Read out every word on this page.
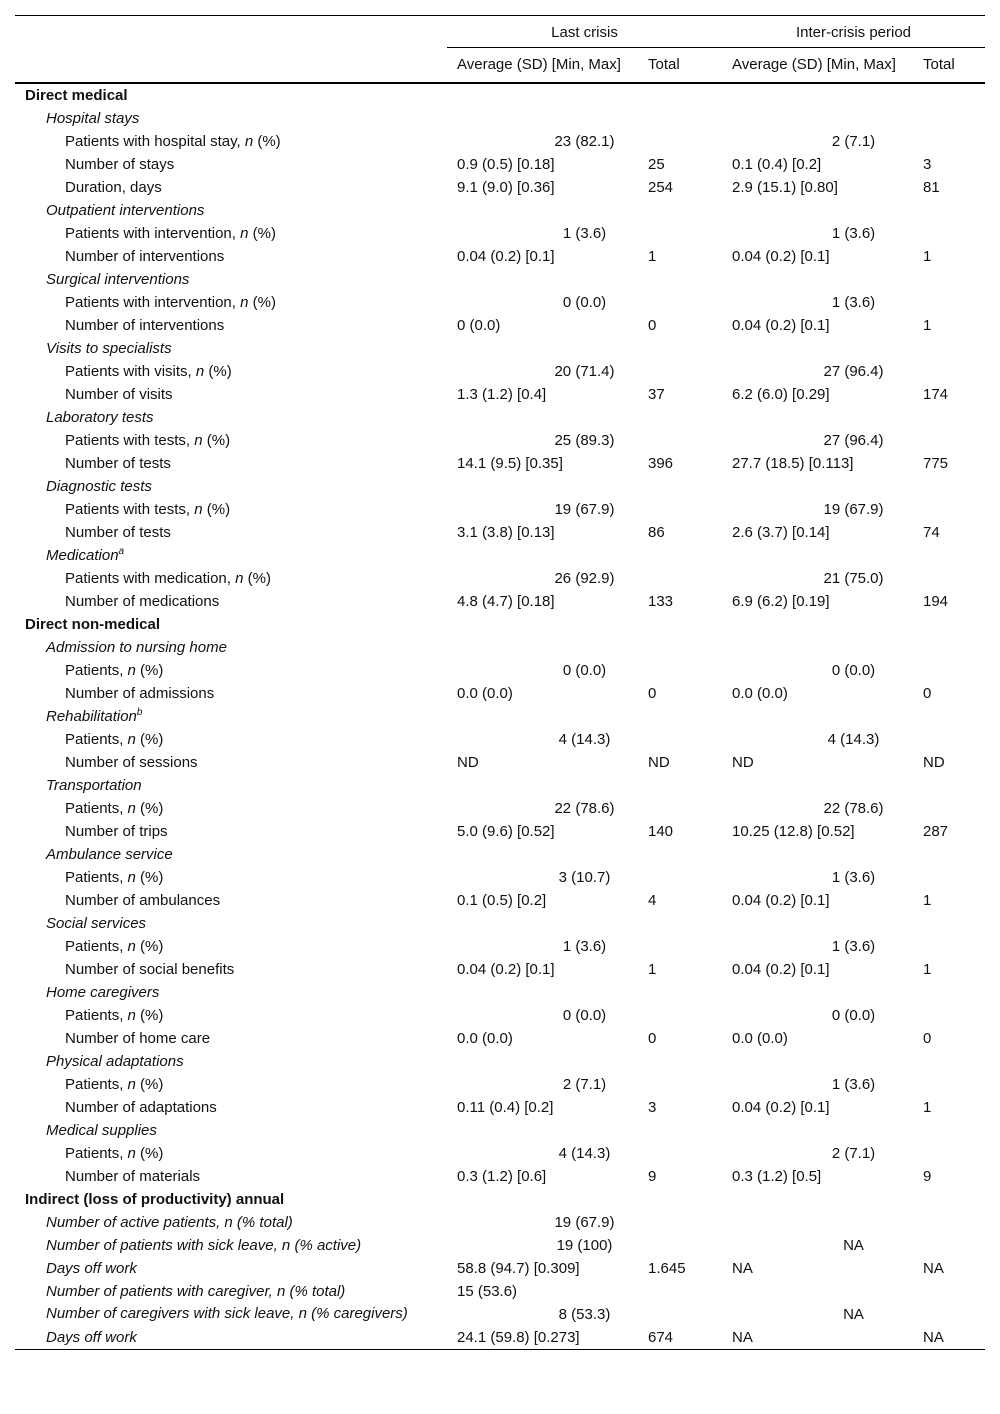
	Last crisis		Inter-crisis period	

	Average (SD) [Min, Max]	Total	Average (SD) [Min, Max]	Total
Direct medical				
Hospital stays				
Patients with hospital stay, n (%)	23 (82.1)		2 (7.1)	
Number of stays	0.9 (0.5) [0.18]	25	0.1 (0.4) [0.2]	3
Duration, days	9.1 (9.0) [0.36]	254	2.9 (15.1) [0.80]	81
Outpatient interventions				
Patients with intervention, n (%)	1 (3.6)		1 (3.6)	
Number of interventions	0.04 (0.2) [0.1]	1	0.04 (0.2) [0.1]	1
Surgical interventions				
Patients with intervention, n (%)	0 (0.0)		1 (3.6)	
Number of interventions	0 (0.0)	0	0.04 (0.2) [0.1]	1
Visits to specialists				
Patients with visits, n (%)	20 (71.4)		27 (96.4)	
Number of visits	1.3 (1.2) [0.4]	37	6.2 (6.0) [0.29]	174
Laboratory tests				
Patients with tests, n (%)	25 (89.3)		27 (96.4)	
Number of tests	14.1 (9.5) [0.35]	396	27.7 (18.5) [0.113]	775
Diagnostic tests				
Patients with tests, n (%)	19 (67.9)		19 (67.9)	
Number of tests	3.1 (3.8) [0.13]	86	2.6 (3.7) [0.14]	74
Medication$^a$				
Patients with medication, n (%)	26 (92.9)		21 (75.0)	
Number of medications	4.8 (4.7) [0.18]	133	6.9 (6.2) [0.19]	194
Direct non-medical				
Admission to nursing home				
Patients, n (%)	0 (0.0)		0 (0.0)	
Number of admissions	0.0 (0.0)	0	0.0 (0.0)	0
Rehabilitation$^b$				
Patients, n (%)	4 (14.3)		4 (14.3)	
Number of sessions	ND	ND	ND	ND
Transportation				
Patients, n (%)	22 (78.6)		22 (78.6)	
Number of trips	5.0 (9.6) [0.52]	140	10.25 (12.8) [0.52]	287
Ambulance service				
Patients, n (%)	3 (10.7)		1 (3.6)	
Number of ambulances	0.1 (0.5) [0.2]	4	0.04 (0.2) [0.1]	1
Social services				
Patients, n (%)	1 (3.6)		1 (3.6)	
Number of social benefits	0.04 (0.2) [0.1]	1	0.04 (0.2) [0.1]	1
Home caregivers				
Patients, n (%)	0 (0.0)		0 (0.0)	
Number of home care	0.0 (0.0)	0	0.0 (0.0)	0
Physical adaptations				
Patients, n (%)	2 (7.1)		1 (3.6)	
Number of adaptations	0.11 (0.4) [0.2]	3	0.04 (0.2) [0.1]	1
Medical supplies				
Patients, n (%)	4 (14.3)		2 (7.1)	
Number of materials	0.3 (1.2) [0.6]	9	0.3 (1.2) [0.5]	9
Indirect (loss of productivity) annual				
Number of active patients, n (% total)	19 (67.9)			
Number of patients with sick leave, n (% active)	19 (100)		NA	
Days off work	58.8 (94.7) [0.309]	1.645	NA	NA
Number of patients with caregiver, n (% total)	15 (53.6)			
Number of caregivers with sick leave, n (% caregivers)	8 (53.3)		NA	
Days off work	24.1 (59.8) [0.273]	674	NA	NA
